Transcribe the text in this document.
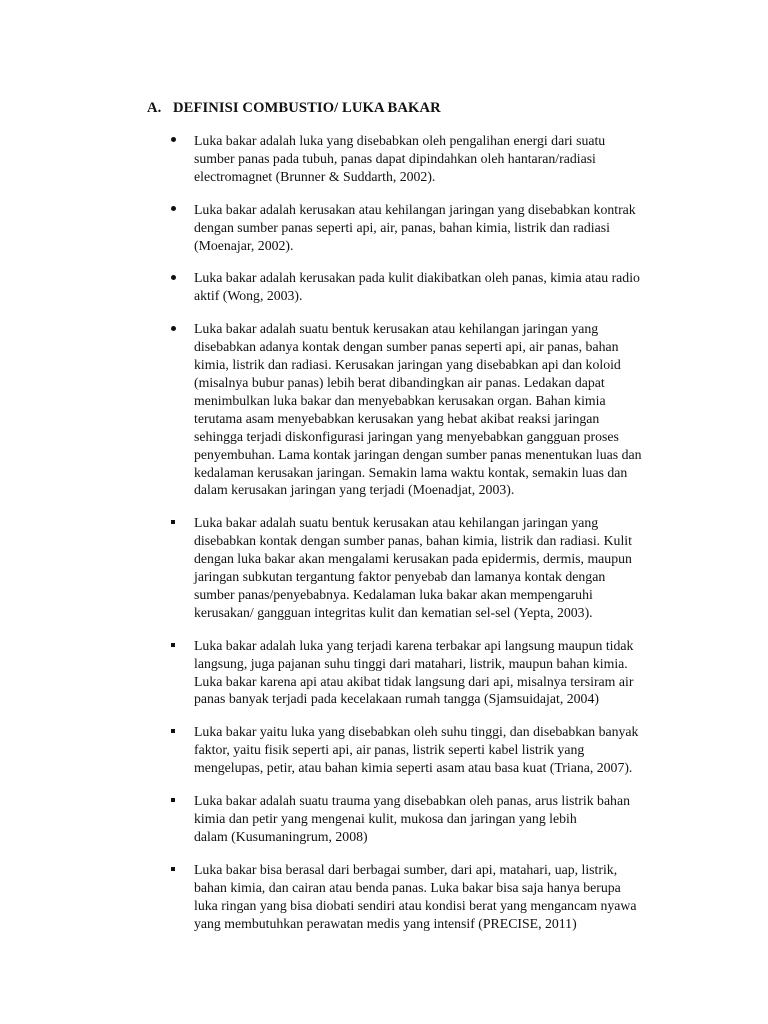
A. DEFINISI COMBUSTIO/ LUKA BAKAR
Luka bakar adalah luka yang disebabkan oleh pengalihan energi dari suatu
sumber panas pada tubuh, panas dapat dipindahkan oleh hantaran/radiasi
electromagnet (Brunner & Suddarth, 2002).
Luka bakar adalah kerusakan atau kehilangan jaringan yang disebabkan kontrak
dengan sumber panas seperti api, air, panas, bahan kimia, listrik dan radiasi
(Moenajar, 2002).
Luka bakar adalah kerusakan pada kulit diakibatkan oleh panas, kimia atau radio
aktif (Wong, 2003).
Luka bakar adalah suatu bentuk kerusakan atau kehilangan jaringan yang
disebabkan adanya kontak dengan sumber panas seperti api, air panas, bahan
kimia, listrik dan radiasi. Kerusakan jaringan yang disebabkan api dan koloid
(misalnya bubur panas) lebih berat dibandingkan air panas. Ledakan dapat
menimbulkan luka bakar dan menyebabkan kerusakan organ. Bahan kimia
terutama asam menyebabkan kerusakan yang hebat akibat reaksi jaringan
sehingga terjadi diskonfigurasi jaringan yang menyebabkan gangguan proses
penyembuhan. Lama kontak jaringan dengan sumber panas menentukan luas dan
kedalaman kerusakan jaringan. Semakin lama waktu kontak, semakin luas dan
dalam kerusakan jaringan yang terjadi (Moenadjat, 2003).
Luka bakar adalah suatu bentuk kerusakan atau kehilangan jaringan yang
disebabkan kontak dengan sumber panas, bahan kimia, listrik dan radiasi. Kulit
dengan luka bakar akan mengalami kerusakan pada epidermis, dermis, maupun
jaringan subkutan tergantung faktor penyebab dan lamanya kontak dengan
sumber panas/penyebabnya. Kedalaman luka bakar akan mempengaruhi
kerusakan/ gangguan integritas kulit dan kematian sel-sel (Yepta, 2003).
Luka bakar adalah luka yang terjadi karena terbakar api langsung maupun tidak
langsung, juga pajanan suhu tinggi dari matahari, listrik, maupun bahan kimia.
Luka bakar karena api atau akibat tidak langsung dari api, misalnya tersiram air
panas banyak terjadi pada kecelakaan rumah tangga (Sjamsuidajat, 2004)
Luka bakar yaitu luka yang disebabkan oleh suhu tinggi, dan disebabkan banyak
faktor, yaitu fisik seperti api, air panas, listrik seperti kabel listrik yang
mengelupas, petir, atau bahan kimia seperti asam atau basa kuat (Triana, 2007).
Luka bakar adalah suatu trauma yang disebabkan oleh panas, arus listrik bahan
kimia dan petir yang mengenai kulit, mukosa dan jaringan yang lebih
dalam (Kusumaningrum, 2008)
Luka bakar bisa berasal dari berbagai sumber, dari api, matahari, uap, listrik,
bahan kimia, dan cairan atau benda panas. Luka bakar bisa saja hanya berupa
luka ringan yang bisa diobati sendiri atau kondisi berat yang mengancam nyawa
yang membutuhkan perawatan medis yang intensif (PRECISE, 2011)
